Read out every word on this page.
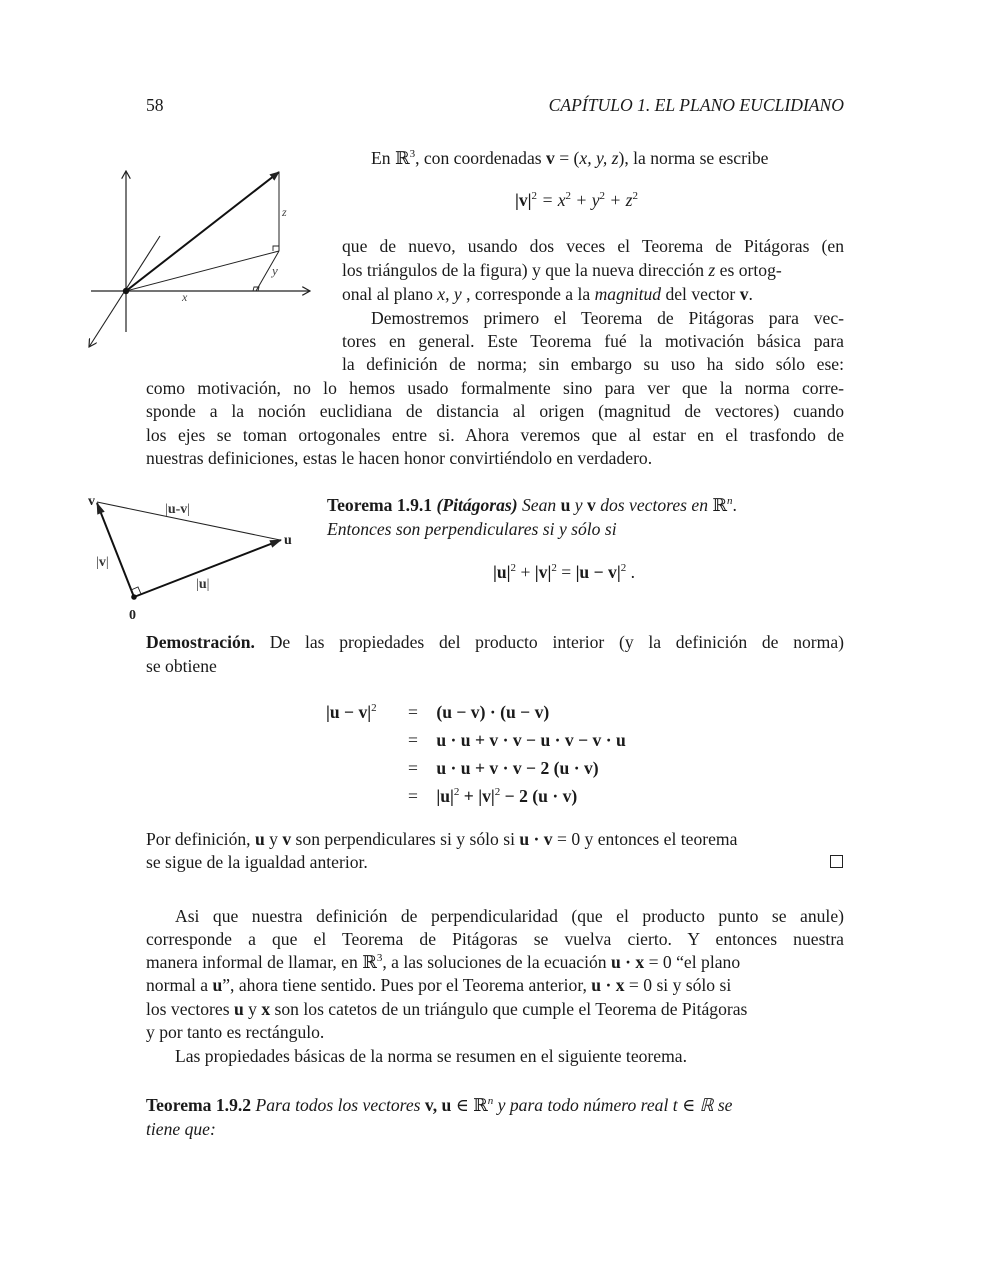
58	CAPÍTULO 1. EL PLANO EUCLIDIANO
z
y
x
En ℝ$^3$, con coordenadas v = (x, y, z), la norma se escribe
$|v|^2 = x^2 + y^2 + z^2$
que de nuevo, usando dos veces el Teorema de Pitágoras (en
los triángulos de la figura) y que la nueva dirección z es ortog-
onal al plano x, y , corresponde a la magnitud del vector v.
Demostremos primero el Teorema de Pitágoras para vec-
tores en general. Este Teorema fué la motivación básica para
la definición de norma; sin embargo su uso ha sido sólo ese:
como motivación, no lo hemos usado formalmente sino para ver que la norma corre-
sponde a la noción euclidiana de distancia al origen (magnitud de vectores) cuando
los ejes se toman ortogonales entre si. Ahora veremos que al estar en el trasfondo de
nuestras definiciones, estas le hacen honor convirtiéndolo en verdadero.
v
u
0
|u-v|
|v|
|u|
Teorema 1.9.1 (Pitágoras) Sean u y v dos vectores en ℝ$^n$.
Entonces son perpendiculares si y sólo si
$|u|^2 + |v|^2 = |u - v|^2$ .
Demostración. De las propiedades del producto interior (y la definición de norma)
se obtiene
$|u - v|^2 = (u - v) \cdot (u - v)$
= u · u + v · v − u · v − v · u
= u · u + v · v − 2 (u · v)
= $|u|^2 + |v|^2 - 2$ (u · v)
Por definición, u y v son perpendiculares si y sólo si u · v = 0 y entonces el teorema
se sigue de la igualdad anterior.
Asi que nuestra definición de perpendicularidad (que el producto punto se anule)
corresponde a que el Teorema de Pitágoras se vuelva cierto. Y entonces nuestra
manera informal de llamar, en ℝ$^3$, a las soluciones de la ecuación u · x = 0 “el plano
normal a u”, ahora tiene sentido. Pues por el Teorema anterior, u · x = 0 si y sólo si
los vectores u y x son los catetos de un triángulo que cumple el Teorema de Pitágoras
y por tanto es rectángulo.
Las propiedades básicas de la norma se resumen en el siguiente teorema.
Teorema 1.9.2 Para todos los vectores v, u ∈ ℝ$^n$ y para todo número real t ∈ ℝ se
tiene que:
